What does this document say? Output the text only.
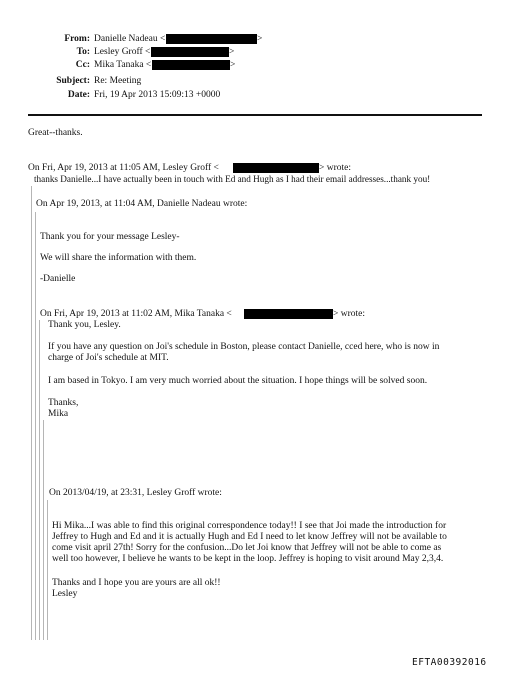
From: Danielle Nadeau <	>
To: Lesley Groff <	>
Cc: Mika Tanaka <	>
Subject: Re: Meeting
Date: Fri, 19 Apr 2013 15:09:13 +0000
Great--thanks.
On Fri, Apr 19, 2013 at 11:05 AM, Lesley Groff <	> wrote:
thanks Danielle...I have actually been in touch with Ed and Hugh as I had their email addresses...thank you!
On Apr 19, 2013, at 11:04 AM, Danielle Nadeau wrote:
Thank you for your message Lesley-
We will share the information with them.
-Danielle
On Fri, Apr 19, 2013 at 11:02 AM, Mika Tanaka <	> wrote:
Thank you, Lesley.
If you have any question on Joi's schedule in Boston, please contact Danielle, cced here, who is now in
charge of Joi's schedule at MIT.
I am based in Tokyo. I am very much worried about the situation. I hope things will be solved soon.
Thanks,
Mika
On 2013/04/19, at 23:31, Lesley Groff wrote:
Hi Mika...I was able to find this original correspondence today!! I see that Joi made the introduction for
Jeffrey to Hugh and Ed and it is actually Hugh and Ed I need to let know Jeffrey will not be available to
come visit april 27th! Sorry for the confusion...Do let Joi know that Jeffrey will not be able to come as
well too however, I believe he wants to be kept in the loop. Jeffrey is hoping to visit around May 2,3,4.
Thanks and I hope you are yours are all ok!!
Lesley
EFTA00392016
